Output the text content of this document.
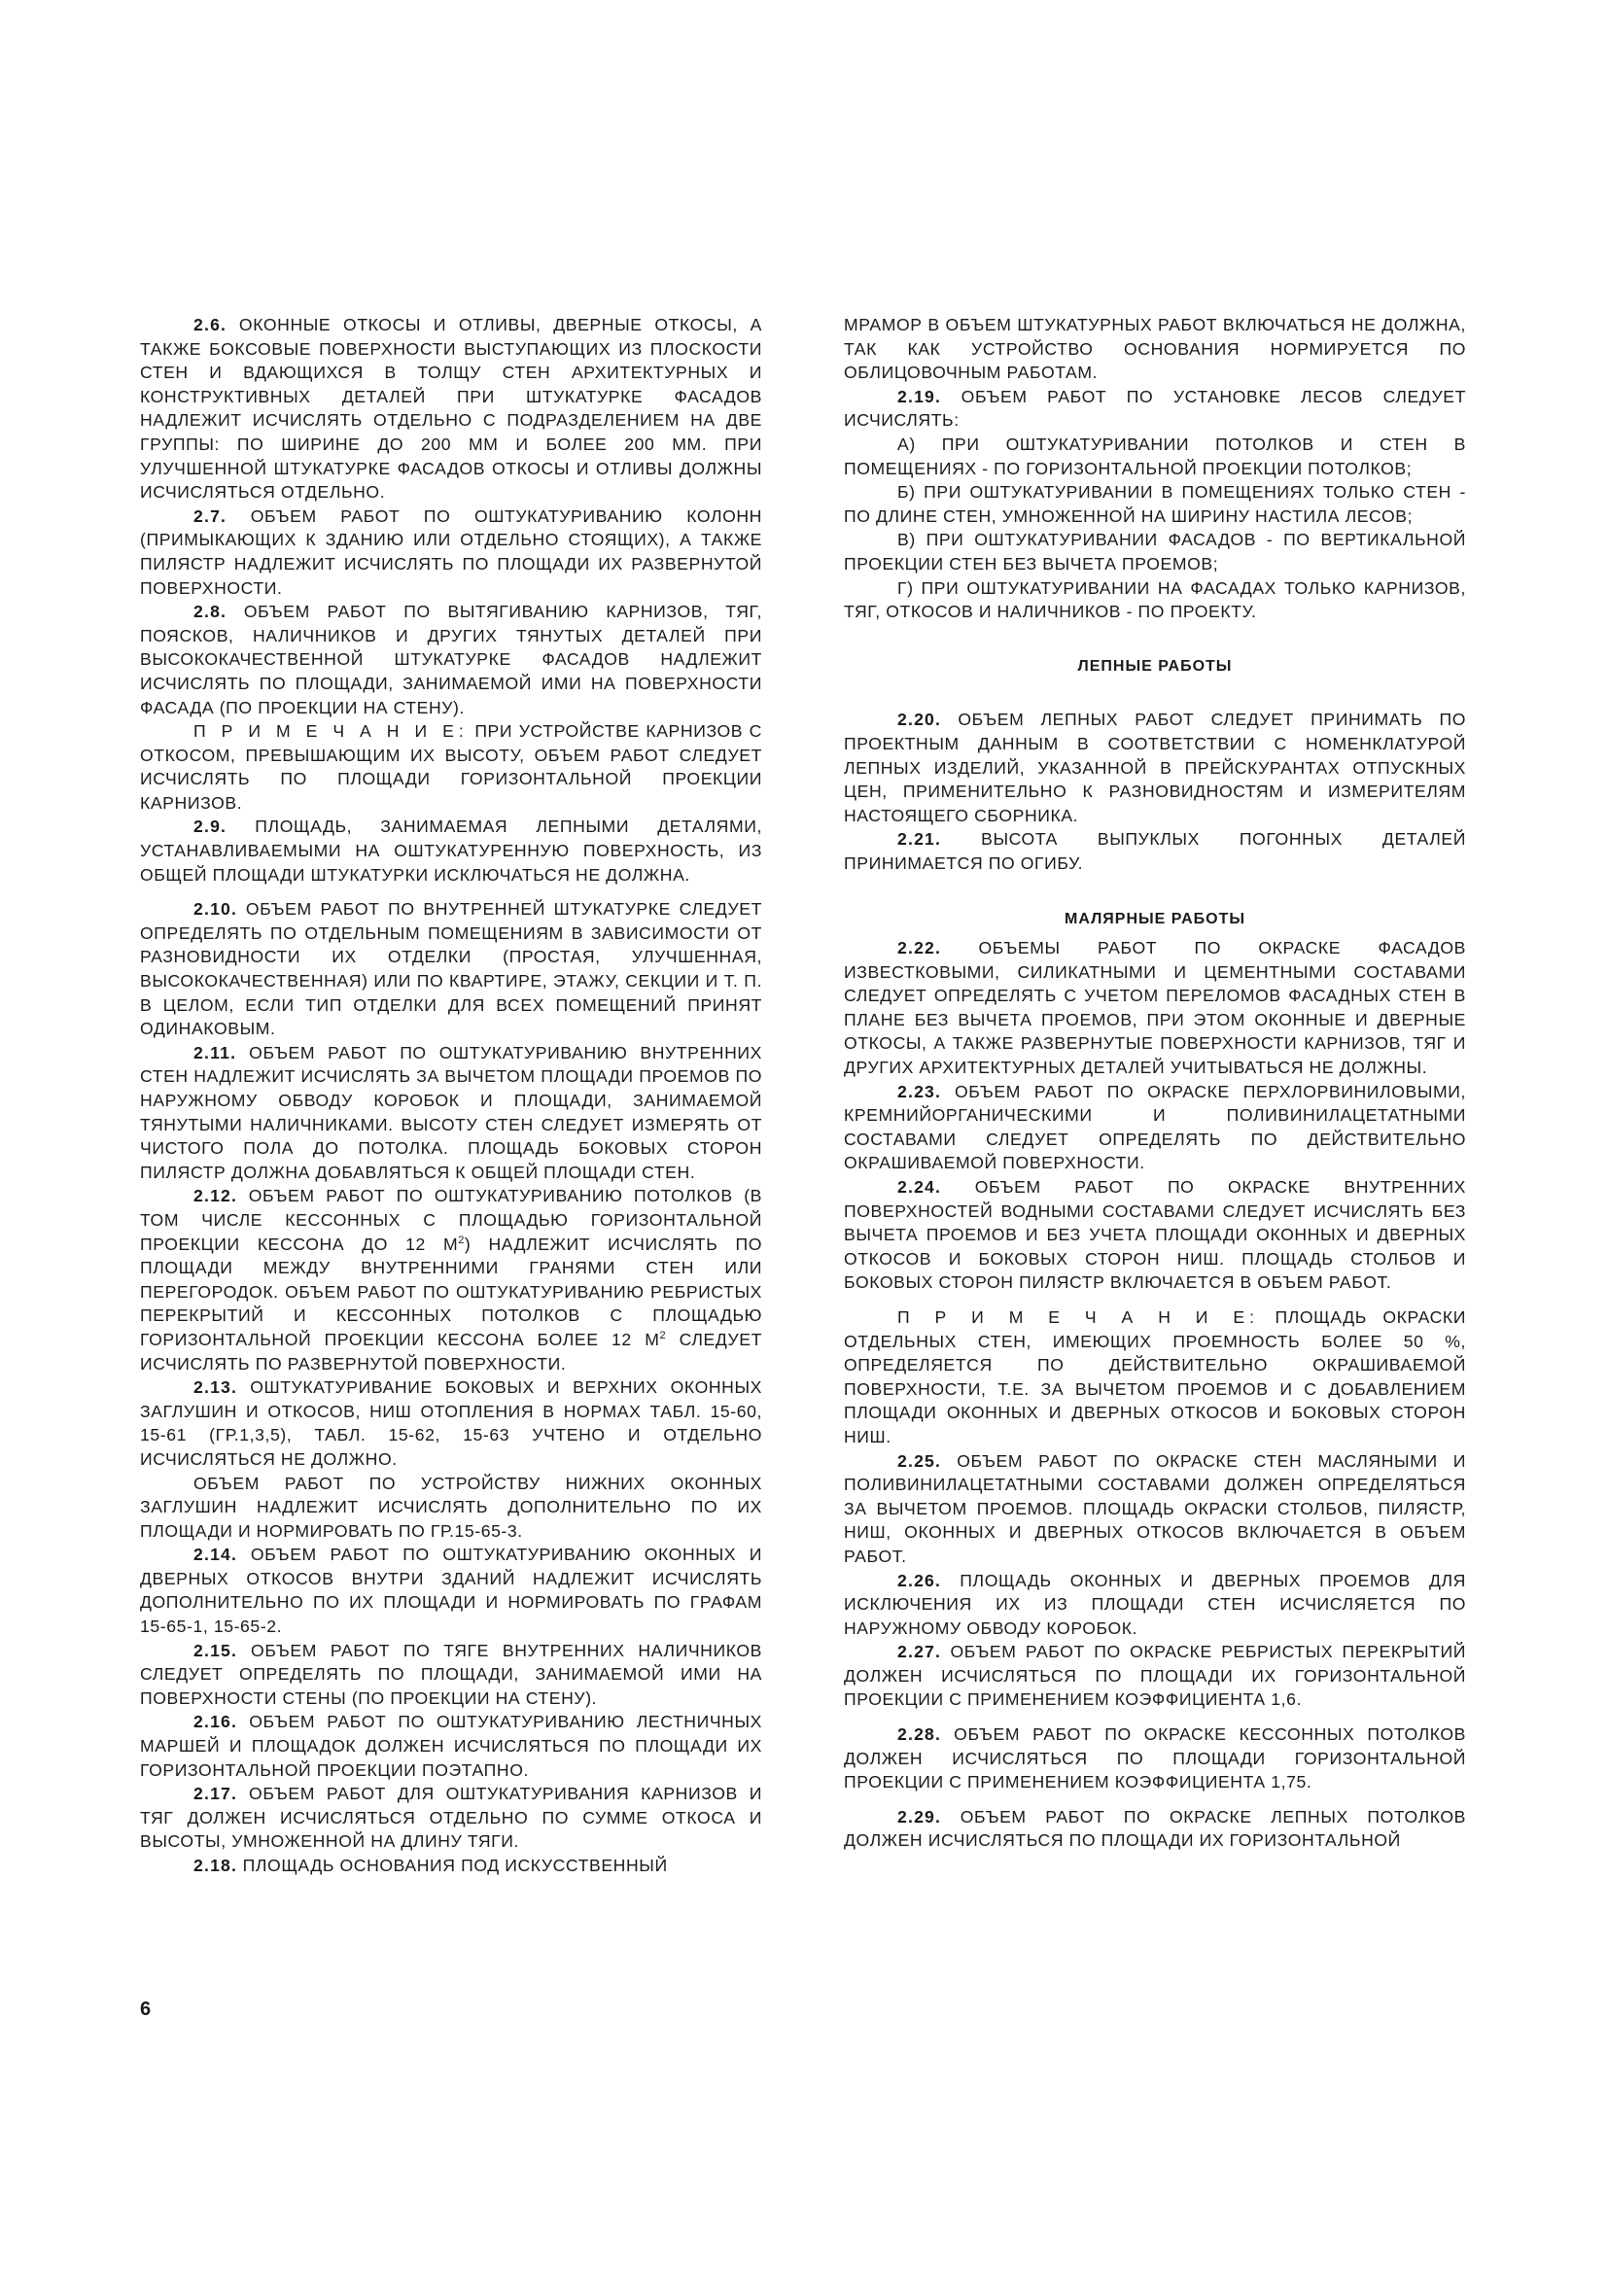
2.6. ОКОННЫЕ ОТКОСЫ И ОТЛИВЫ, ДВЕРНЫЕ ОТКОСЫ, А ТАКЖЕ БОКСОВЫЕ ПОВЕРХНОСТИ ВЫСТУПАЮЩИХ ИЗ ПЛОСКОСТИ СТЕН И ВДАЮЩИХСЯ В ТОЛЩУ СТЕН АРХИТЕКТУРНЫХ И КОНСТРУКТИВНЫХ ДЕТАЛЕЙ ПРИ ШТУКАТУРКЕ ФАСАДОВ НАДЛЕЖИТ ИСЧИСЛЯТЬ ОТДЕЛЬНО С ПОДРАЗДЕЛЕНИЕМ НА ДВЕ ГРУППЫ: ПО ШИРИНЕ ДО 200 ММ И БОЛЕЕ 200 ММ. ПРИ УЛУЧШЕННОЙ ШТУКАТУРКЕ ФАСАДОВ ОТКОСЫ И ОТЛИВЫ ДОЛЖНЫ ИСЧИСЛЯТЬСЯ ОТДЕЛЬНО.

2.7. ОБЪЕМ РАБОТ ПО ОШТУКАТУРИВАНИЮ КОЛОНН (ПРИМЫКАЮЩИХ К ЗДАНИЮ ИЛИ ОТДЕЛЬНО СТОЯЩИХ), А ТАКЖЕ ПИЛЯСТР НАДЛЕЖИТ ИСЧИСЛЯТЬ ПО ПЛОЩАДИ ИХ РАЗВЕРНУТОЙ ПОВЕРХНОСТИ.

2.8. ОБЪЕМ РАБОТ ПО ВЫТЯГИВАНИЮ КАРНИЗОВ, ТЯГ, ПОЯСКОВ, НАЛИЧНИКОВ И ДРУГИХ ТЯНУТЫХ ДЕТАЛЕЙ ПРИ ВЫСОКОКАЧЕСТВЕННОЙ ШТУКАТУРКЕ ФАСАДОВ НАДЛЕЖИТ ИСЧИСЛЯТЬ ПО ПЛОЩАДИ, ЗАНИМАЕМОЙ ИМИ НА ПОВЕРХНОСТИ ФАСАДА (ПО ПРОЕКЦИИ НА СТЕНУ).

П Р И М Е Ч А Н И Е: ПРИ УСТРОЙСТВЕ КАРНИЗОВ С ОТКОСОМ, ПРЕВЫШАЮЩИМ ИХ ВЫСОТУ, ОБЪЕМ РАБОТ СЛЕДУЕТ ИСЧИСЛЯТЬ ПО ПЛОЩАДИ ГОРИЗОНТАЛЬНОЙ ПРОЕКЦИИ КАРНИЗОВ.

2.9. ПЛОЩАДЬ, ЗАНИМАЕМАЯ ЛЕПНЫМИ ДЕТАЛЯМИ, УСТАНАВЛИВАЕМЫМИ НА ОШТУКАТУРЕННУЮ ПОВЕРХНОСТЬ, ИЗ ОБЩЕЙ ПЛОЩАДИ ШТУКАТУРКИ ИСКЛЮЧАТЬСЯ НЕ ДОЛЖНА.

2.10. ОБЪЕМ РАБОТ ПО ВНУТРЕННЕЙ ШТУКАТУРКЕ СЛЕДУЕТ ОПРЕДЕЛЯТЬ ПО ОТДЕЛЬНЫМ ПОМЕЩЕНИЯМ В ЗАВИСИМОСТИ ОТ РАЗНОВИДНОСТИ ИХ ОТДЕЛКИ (ПРОСТАЯ, УЛУЧШЕННАЯ, ВЫСОКОКАЧЕСТВЕННАЯ) ИЛИ ПО КВАРТИРЕ, ЭТАЖУ, СЕКЦИИ И Т. П. В ЦЕЛОМ, ЕСЛИ ТИП ОТДЕЛКИ ДЛЯ ВСЕХ ПОМЕЩЕНИЙ ПРИНЯТ ОДИНАКОВЫМ.

2.11. ОБЪЕМ РАБОТ ПО ОШТУКАТУРИВАНИЮ ВНУТРЕННИХ СТЕН НАДЛЕЖИТ ИСЧИСЛЯТЬ ЗА ВЫЧЕТОМ ПЛОЩАДИ ПРОЕМОВ ПО НАРУЖНОМУ ОБВОДУ КОРОБОК И ПЛОЩАДИ, ЗАНИМАЕМОЙ ТЯНУТЫМИ НАЛИЧНИКАМИ. ВЫСОТУ СТЕН СЛЕДУЕТ ИЗМЕРЯТЬ ОТ ЧИСТОГО ПОЛА ДО ПОТОЛКА. ПЛОЩАДЬ БОКОВЫХ СТОРОН ПИЛЯСТР ДОЛЖНА ДОБАВЛЯТЬСЯ К ОБЩЕЙ ПЛОЩАДИ СТЕН.

2.12. ОБЪЕМ РАБОТ ПО ОШТУКАТУРИВАНИЮ ПОТОЛКОВ (В ТОМ ЧИСЛЕ КЕССОННЫХ С ПЛОЩАДЬЮ ГОРИЗОНТАЛЬНОЙ ПРОЕКЦИИ КЕССОНА ДО 12 $М^2$) НАДЛЕЖИТ ИСЧИСЛЯТЬ ПО ПЛОЩАДИ МЕЖДУ ВНУТРЕННИМИ ГРАНЯМИ СТЕН ИЛИ ПЕРЕГОРОДОК. ОБЪЕМ РАБОТ ПО ОШТУКАТУРИВАНИЮ РЕБРИСТЫХ ПЕРЕКРЫТИЙ И КЕССОННЫХ ПОТОЛКОВ С ПЛОЩАДЬЮ ГОРИЗОНТАЛЬНОЙ ПРОЕКЦИИ КЕССОНА БОЛЕЕ 12 $М^2$ СЛЕДУЕТ ИСЧИСЛЯТЬ ПО РАЗВЕРНУТОЙ ПОВЕРХНОСТИ.

2.13. ОШТУКАТУРИВАНИЕ БОКОВЫХ И ВЕРХНИХ ОКОННЫХ ЗАГЛУШИН И ОТКОСОВ, НИШ ОТОПЛЕНИЯ В НОРМАХ ТАБЛ. 15-60, 15-61 (ГР.1,3,5), ТАБЛ. 15-62, 15-63 УЧТЕНО И ОТДЕЛЬНО ИСЧИСЛЯТЬСЯ НЕ ДОЛЖНО.

ОБЪЕМ РАБОТ ПО УСТРОЙСТВУ НИЖНИХ ОКОННЫХ ЗАГЛУШИН НАДЛЕЖИТ ИСЧИСЛЯТЬ ДОПОЛНИТЕЛЬНО ПО ИХ ПЛОЩАДИ И НОРМИРОВАТЬ ПО ГР.15-65-3.

2.14. ОБЪЕМ РАБОТ ПО ОШТУКАТУРИВАНИЮ ОКОННЫХ И ДВЕРНЫХ ОТКОСОВ ВНУТРИ ЗДАНИЙ НАДЛЕЖИТ ИСЧИСЛЯТЬ ДОПОЛНИТЕЛЬНО ПО ИХ ПЛОЩАДИ И НОРМИРОВАТЬ ПО ГРАФАМ 15-65-1, 15-65-2.

2.15. ОБЪЕМ РАБОТ ПО ТЯГЕ ВНУТРЕННИХ НАЛИЧНИКОВ СЛЕДУЕТ ОПРЕДЕЛЯТЬ ПО ПЛОЩАДИ, ЗАНИМАЕМОЙ ИМИ НА ПОВЕРХНОСТИ СТЕНЫ (ПО ПРОЕКЦИИ НА СТЕНУ).

2.16. ОБЪЕМ РАБОТ ПО ОШТУКАТУРИВАНИЮ ЛЕСТНИЧНЫХ МАРШЕЙ И ПЛОЩАДОК ДОЛЖЕН ИСЧИСЛЯТЬСЯ ПО ПЛОЩАДИ ИХ ГОРИЗОНТАЛЬНОЙ ПРОЕКЦИИ ПОЭТАПНО.

2.17. ОБЪЕМ РАБОТ ДЛЯ ОШТУКАТУРИВАНИЯ КАРНИЗОВ И ТЯГ ДОЛЖЕН ИСЧИСЛЯТЬСЯ ОТДЕЛЬНО ПО СУММЕ ОТКОСА И ВЫСОТЫ, УМНОЖЕННОЙ НА ДЛИНУ ТЯГИ.

2.18. ПЛОЩАДЬ ОСНОВАНИЯ ПОД ИСКУССТВЕННЫЙ

МРАМОР В ОБЪЕМ ШТУКАТУРНЫХ РАБОТ ВКЛЮЧАТЬСЯ НЕ ДОЛЖНА, ТАК КАК УСТРОЙСТВО ОСНОВАНИЯ НОРМИРУЕТСЯ ПО ОБЛИЦОВОЧНЫМ РАБОТАМ.

2.19. ОБЪЕМ РАБОТ ПО УСТАНОВКЕ ЛЕСОВ СЛЕДУЕТ ИСЧИСЛЯТЬ:

А) ПРИ ОШТУКАТУРИВАНИИ ПОТОЛКОВ И СТЕН В ПОМЕЩЕНИЯХ - ПО ГОРИЗОНТАЛЬНОЙ ПРОЕКЦИИ ПОТОЛКОВ;

Б) ПРИ ОШТУКАТУРИВАНИИ В ПОМЕЩЕНИЯХ ТОЛЬКО СТЕН - ПО ДЛИНЕ СТЕН, УМНОЖЕННОЙ НА ШИРИНУ НАСТИЛА ЛЕСОВ;

В) ПРИ ОШТУКАТУРИВАНИИ ФАСАДОВ - ПО ВЕРТИКАЛЬНОЙ ПРОЕКЦИИ СТЕН БЕЗ ВЫЧЕТА ПРОЕМОВ;

Г) ПРИ ОШТУКАТУРИВАНИИ НА ФАСАДАХ ТОЛЬКО КАРНИЗОВ, ТЯГ, ОТКОСОВ И НАЛИЧНИКОВ - ПО ПРОЕКТУ.

ЛЕПНЫЕ РАБОТЫ

2.20. ОБЪЕМ ЛЕПНЫХ РАБОТ СЛЕДУЕТ ПРИНИМАТЬ ПО ПРОЕКТНЫМ ДАННЫМ В СООТВЕТСТВИИ С НОМЕНКЛАТУРОЙ ЛЕПНЫХ ИЗДЕЛИЙ, УКАЗАННОЙ В ПРЕЙСКУРАНТАХ ОТПУСКНЫХ ЦЕН, ПРИМЕНИТЕЛЬНО К РАЗНОВИДНОСТЯМ И ИЗМЕРИТЕЛЯМ НАСТОЯЩЕГО СБОРНИКА.

2.21. ВЫСОТА ВЫПУКЛЫХ ПОГОННЫХ ДЕТАЛЕЙ ПРИНИМАЕТСЯ ПО ОГИБУ.

МАЛЯРНЫЕ РАБОТЫ

2.22. ОБЪЕМЫ РАБОТ ПО ОКРАСКЕ ФАСАДОВ ИЗВЕСТКОВЫМИ, СИЛИКАТНЫМИ И ЦЕМЕНТНЫМИ СОСТАВАМИ СЛЕДУЕТ ОПРЕДЕЛЯТЬ С УЧЕТОМ ПЕРЕЛОМОВ ФАСАДНЫХ СТЕН В ПЛАНЕ БЕЗ ВЫЧЕТА ПРОЕМОВ, ПРИ ЭТОМ ОКОННЫЕ И ДВЕРНЫЕ ОТКОСЫ, А ТАКЖЕ РАЗВЕРНУТЫЕ ПОВЕРХНОСТИ КАРНИЗОВ, ТЯГ И ДРУГИХ АРХИТЕКТУРНЫХ ДЕТАЛЕЙ УЧИТЫВАТЬСЯ НЕ ДОЛЖНЫ.

2.23. ОБЪЕМ РАБОТ ПО ОКРАСКЕ ПЕРХЛОРВИНИЛОВЫМИ, КРЕМНИЙОРГАНИЧЕСКИМИ И ПОЛИВИНИЛАЦЕТАТНЫМИ СОСТАВАМИ СЛЕДУЕТ ОПРЕДЕЛЯТЬ ПО ДЕЙСТВИТЕЛЬНО ОКРАШИВАЕМОЙ ПОВЕРХНОСТИ.

2.24. ОБЪЕМ РАБОТ ПО ОКРАСКЕ ВНУТРЕННИХ ПОВЕРХНОСТЕЙ ВОДНЫМИ СОСТАВАМИ СЛЕДУЕТ ИСЧИСЛЯТЬ БЕЗ ВЫЧЕТА ПРОЕМОВ И БЕЗ УЧЕТА ПЛОЩАДИ ОКОННЫХ И ДВЕРНЫХ ОТКОСОВ И БОКОВЫХ СТОРОН НИШ. ПЛОЩАДЬ СТОЛБОВ И БОКОВЫХ СТОРОН ПИЛЯСТР ВКЛЮЧАЕТСЯ В ОБЪЕМ РАБОТ.

П Р И М Е Ч А Н И Е: ПЛОЩАДЬ ОКРАСКИ ОТДЕЛЬНЫХ СТЕН, ИМЕЮЩИХ ПРОЕМНОСТЬ БОЛЕЕ 50 %, ОПРЕДЕЛЯЕТСЯ ПО ДЕЙСТВИТЕЛЬНО ОКРАШИВАЕМОЙ ПОВЕРХНОСТИ, Т.Е. ЗА ВЫЧЕТОМ ПРОЕМОВ И С ДОБАВЛЕНИЕМ ПЛОЩАДИ ОКОННЫХ И ДВЕРНЫХ ОТКОСОВ И БОКОВЫХ СТОРОН НИШ.

2.25. ОБЪЕМ РАБОТ ПО ОКРАСКЕ СТЕН МАСЛЯНЫМИ И ПОЛИВИНИЛАЦЕТАТНЫМИ СОСТАВАМИ ДОЛЖЕН ОПРЕДЕЛЯТЬСЯ ЗА ВЫЧЕТОМ ПРОЕМОВ. ПЛОЩАДЬ ОКРАСКИ СТОЛБОВ, ПИЛЯСТР, НИШ, ОКОННЫХ И ДВЕРНЫХ ОТКОСОВ ВКЛЮЧАЕТСЯ В ОБЪЕМ РАБОТ.

2.26. ПЛОЩАДЬ ОКОННЫХ И ДВЕРНЫХ ПРОЕМОВ ДЛЯ ИСКЛЮЧЕНИЯ ИХ ИЗ ПЛОЩАДИ СТЕН ИСЧИСЛЯЕТСЯ ПО НАРУЖНОМУ ОБВОДУ КОРОБОК.

2.27. ОБЪЕМ РАБОТ ПО ОКРАСКЕ РЕБРИСТЫХ ПЕРЕКРЫТИЙ ДОЛЖЕН ИСЧИСЛЯТЬСЯ ПО ПЛОЩАДИ ИХ ГОРИЗОНТАЛЬНОЙ ПРОЕКЦИИ С ПРИМЕНЕНИЕМ КОЭФФИЦИЕНТА 1,6.

2.28. ОБЪЕМ РАБОТ ПО ОКРАСКЕ КЕССОННЫХ ПОТОЛКОВ ДОЛЖЕН ИСЧИСЛЯТЬСЯ ПО ПЛОЩАДИ ГОРИЗОНТАЛЬНОЙ ПРОЕКЦИИ С ПРИМЕНЕНИЕМ КОЭФФИЦИЕНТА 1,75.

2.29. ОБЪЕМ РАБОТ ПО ОКРАСКЕ ЛЕПНЫХ ПОТОЛКОВ ДОЛЖЕН ИСЧИСЛЯТЬСЯ ПО ПЛОЩАДИ ИХ ГОРИЗОНТАЛЬНОЙ

6
